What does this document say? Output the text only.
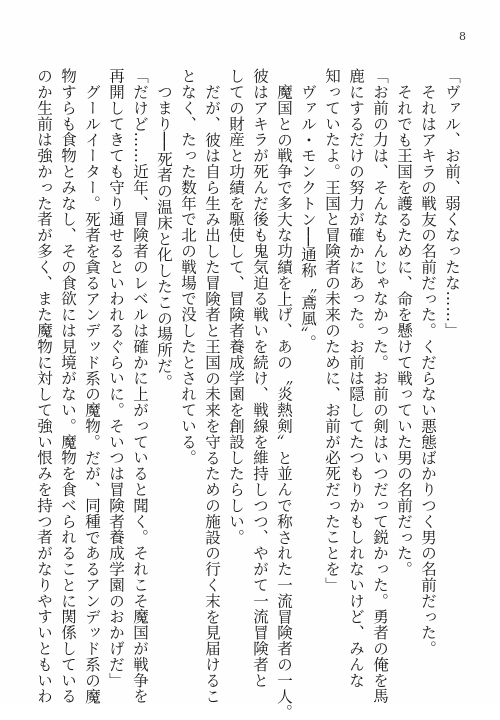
8
「ヴァル、お前、弱くなったな……」
それはアキラの戦友の名前だった。くだらない悪態ばかりつく男の名前だった。
それでも王国を護るために、命を懸けて戦っていた男の名前だった。
「お前の力は、そんなもんじゃなかった。お前の剣はいつだって鋭かった。勇者の俺を馬
鹿にするだけの努力が確かにあった。お前は隠してたつもりかもしれないけど、みんな
知っていたよ。王国と冒険者の未来のために、お前が必死だったことを」
ヴァル・モンクトン──通称〝鳶風〟。
魔国との戦争で多大な功績を上げ、あの〝炎熱剣〟と並んで称された一流冒険者の一人。
彼はアキラが死んだ後も鬼気迫る戦いを続け、戦線を維持しつつ、やがて一流冒険者と
しての財産と功績を駆使して、冒険者養成学園を創設したらしい。
だが、彼は自ら生み出した冒険者と王国の未来を守るための施設の行く末を見届けるこ
となく、たった数年で北の戦場で没したとされている。
つまり──死者の温床と化したこの場所だ。
「だけど……近年、冒険者のレベルは確かに上がっていると聞く。それこそ魔国が戦争を
再開してきても守り通せるといわれるぐらいに。そいつは冒険者養成学園のおかげだ」
グールイーター。死者を貪るアンデッド系の魔物。だが、同種であるアンデッド系の魔
物すらも食物とみなし、その食欲には見境がない。魔物を食べられることに関係している
のか生前は強かった者が多く、また魔物に対して強い恨みを持つ者がなりやすいともいわ
